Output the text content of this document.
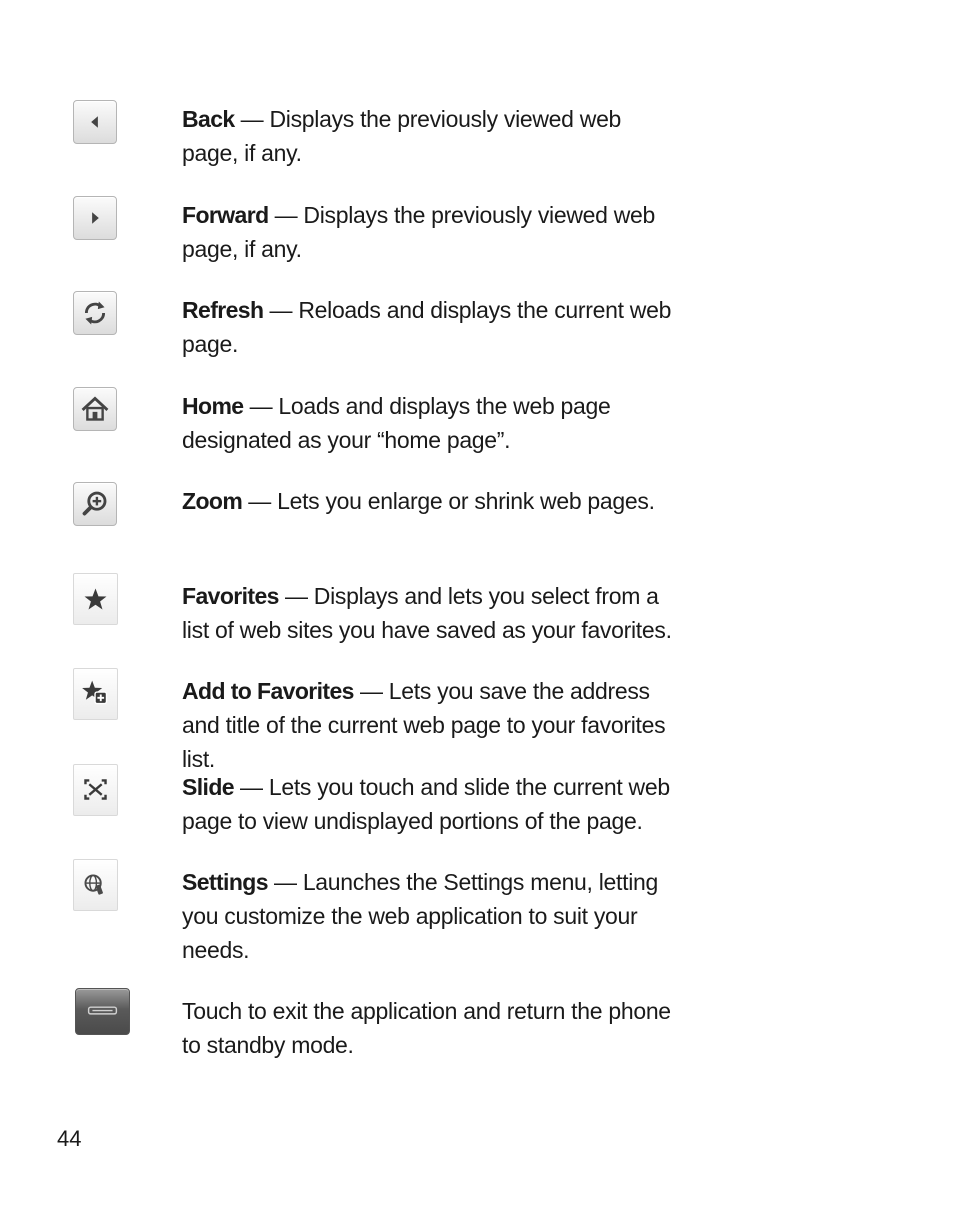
Back — Displays the previously viewed web page, if any.
Forward — Displays the previously viewed web page, if any.
Refresh — Reloads and displays the current web page.
Home — Loads and displays the web page designated as your “home page”.
Zoom — Lets you enlarge or shrink web pages.
Favorites — Displays and lets you select from a list of web sites you have saved as your favorites.
Add to Favorites — Lets you save the address and title of the current web page to your favorites list.
Slide — Lets you touch and slide the current web page to view undisplayed portions of the page.
Settings — Launches the Settings menu, letting you customize the web application to suit your needs.
Touch to exit the application and return the phone to standby mode.
44
